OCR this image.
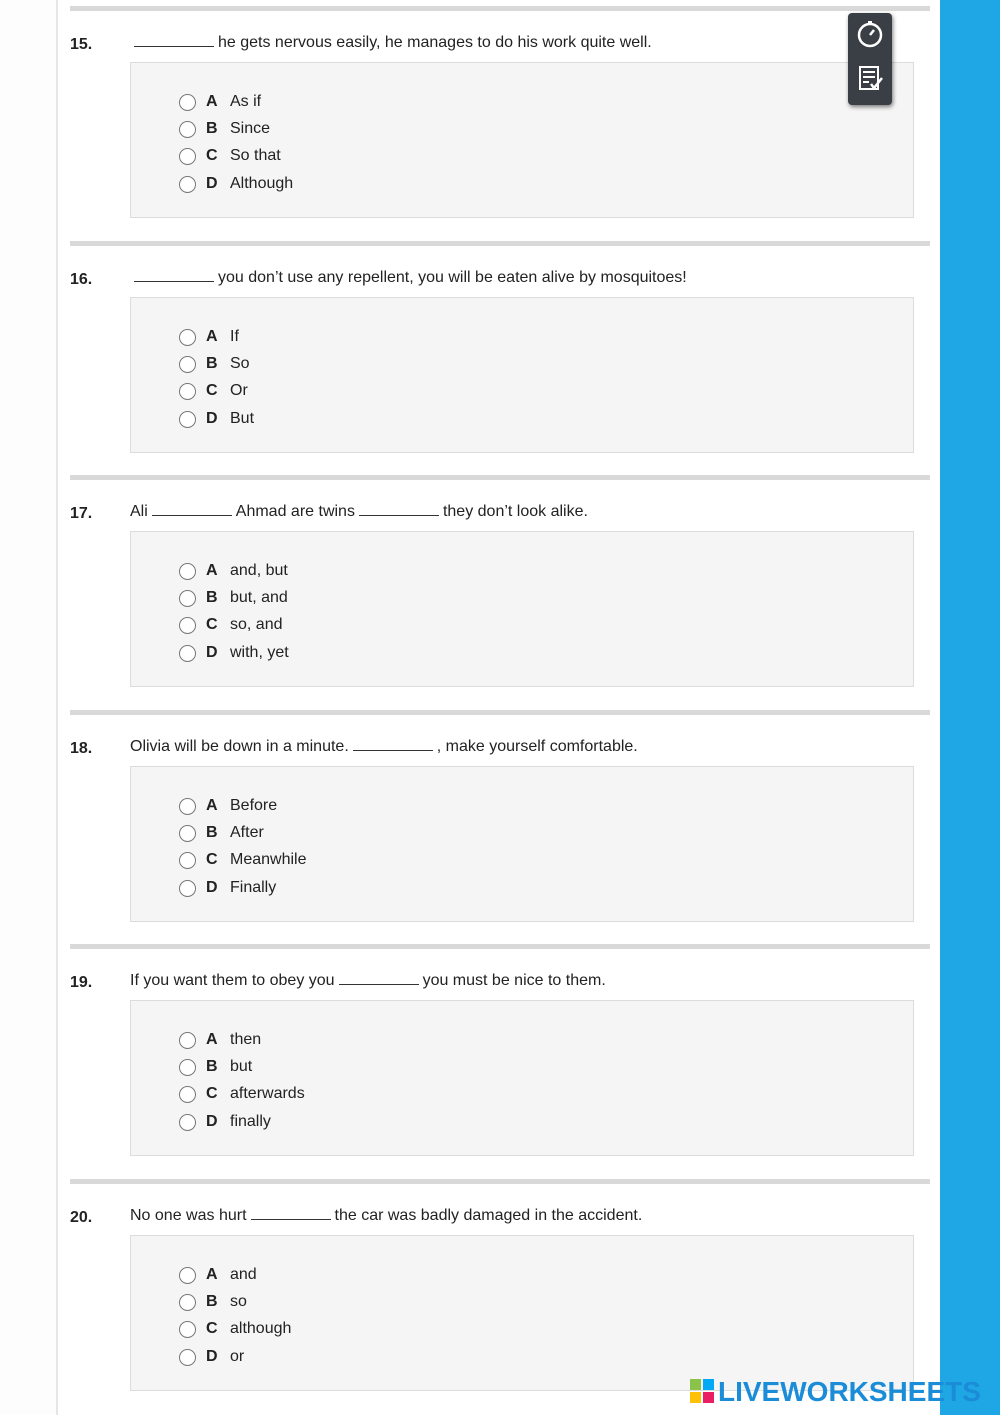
15.	he gets nervous easily, he manages to do his work quite well.
A As if
B Since
C So that
D Although
16.	you don’t use any repellent, you will be eaten alive by mosquitoes!
A If
B So
C Or
D But
17. Ali	Ahmad are twins	they don’t look alike.
A and, but
B but, and
C so, and
D with, yet
18. Olivia will be down in a minute.	, make yourself comfortable.
A Before
B After
C Meanwhile
D Finally
19. If you want them to obey you	you must be nice to them.
A then
B but
C afterwards
D finally
20. No one was hurt	the car was badly damaged in the accident.
A and
B so
C although
D or
LIVEWORKSHEETS
